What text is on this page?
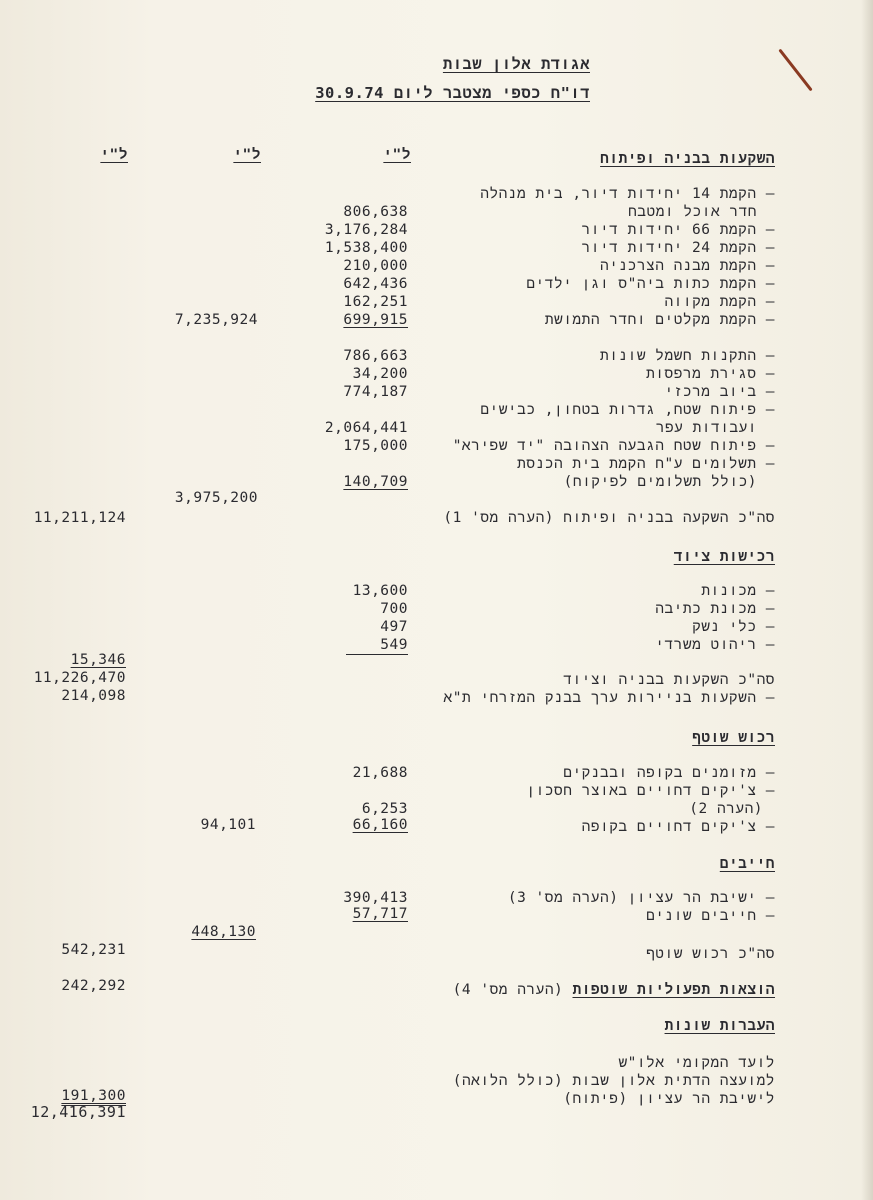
אגודת אלון שבות
דו"ח כספי מצטבר ליום 30.9.74
ל"י
ל"י
ל"י	השקעות בבניה ופיתוח
– הקמת 14 יחידות דיור, בית מנהלה
חדר אוכל ומטבח
806,638
– הקמת 66 יחידות דיור
3,176,284
– הקמת 24 יחידות דיור
1,538,400
– הקמת מבנה הצרכניה
210,000
– הקמת כתות ביה"ס וגן ילדים
642,436
– הקמת מקווה
162,251
– הקמת מקלטים וחדר התמושת
699,915
7,235,924
– התקנות חשמל שונות
786,663
– סגירת מרפסות
34,200
– ביוב מרכזי
774,187
– פיתוח שטח, גדרות בטחון, כבישים
ועבודות עפר
2,064,441
– פיתוח שטח הגבעה הצהובה "יד שפירא"
175,000
– תשלומים ע"ח הקמת בית הכנסת
(כולל תשלומים לפיקוח)
140,709
3,975,200
סה"כ השקעה בבניה ופיתוח (הערה מס' 1)
11,211,124
רכישות ציוד
– מכונות
13,600
– מכונת כתיבה
700
– כלי נשק
497
– ריהוט משרדי
549
15,346
סה"כ השקעות בבניה וציוד
11,226,470
– השקעות בניירות ערך בבנק המזרחי ת"א
214,098
רכוש שוטף
– מזומנים בקופה ובבנקים
21,688
– צ'יקים דחויים באוצר חסכון
(הערה 2)
6,253
– צ'יקים דחויים בקופה
66,160
94,101
חייבים
– ישיבת הר עציון (הערה מס' 3)
390,413
– חייבים שונים
57,717
448,130
סה"כ רכוש שוטף
542,231
הוצאות תפעוליות שוטפות (הערה מס' 4)
242,292
העברות שונות
לועד המקומי אלו"ש
למועצה הדתית אלון שבות (כולל הלואה)
לישיבת הר עציון (פיתוח)
191,300
12,416,391
